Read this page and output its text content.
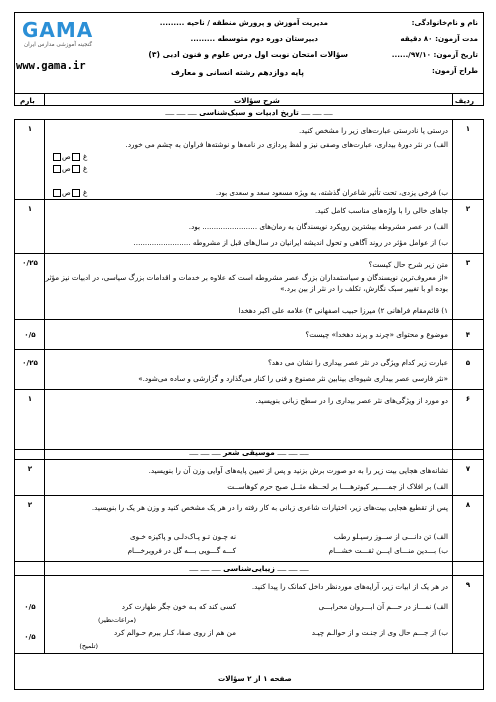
GAMA
گنجینه آموزشی مدارس ایران
www.gama.ir
نام و نام‌خانوادگی:
مدت آزمون: ۸۰ دقیقه
تاریخ آزمون: ۹۷/۱۰/......
طراح آزمون:
مدیریت آموزش و پرورش منطقه / ناحیه .........
دبیرستان دوره دوم متوسطه .........
سؤالات امتحان نوبت اول درس علوم و فنون ادبی (۳)
پایه دوازدهم رشته انسانی و معارف
ردیف
شرح سؤالات
بارم
ــــ ــــ ــــ تاریخ ادبیات و سبک‌شناسی ــــ ــــ ــــ
۱
۱	درستی یا نادرستی عبارت‌های زیر را مشخص کنید.
الف) در نثر دورهٔ بیداری، عبارت‌های وصفی نیز و لفظ پردازی در نامه‌ها و نوشته‌ها فراوان به چشم می خورد.
غ ص
غ ص
غ ص	ب) فرخی یزدی، تحت تأثیر شاعران گذشته، به ویژه مسعود سعد و سعدی بود.
۲
۱	جاهای خالی را با واژه‌های مناسب کامل کنید.
الف) در عصر مشروطه بیشترین رویکرد نویسندگان به رمان‌های ........................ بود.
ب) از عوامل مؤثر در روند آگاهی و تحول اندیشه ایرانیان در سال‌های قبل از مشروطه .........................
۳
۰/۲۵	متن زیر شرح حال کیست؟
«از معروف‌ترین نویسندگان و سیاستمداران بزرگ عصر مشروطه است که علاوه بر خدمات و اقدامات بزرگ سیاسی، در ادبیات نیز مؤثر بوده او با تغییر سبک نگارش، تکلف را در نثر از بین برد.»
۱) قائم‌مقام فراهانی ۲) میرزا حبیب اصفهانی ۳) علامه علی اکبر دهخدا
۴
۰/۵	موضوع و محتوای «چرند و پرند دهخدا» چیست؟
۵
۰/۲۵	عبارت زیر کدام ویژگی در نثر عصر بیداری را نشان می دهد؟
«نثر فارسی عصر بیداری شیوه‌ای بینابین نثر مصنوع و فنی را کنار می‌گذارد و گزارشی و ساده می‌شود.»
۶
۱	دو مورد از ویژگی‌های نثر عصر بیداری را در سطح زبانی بنویسید.
ــــ ــــ ــــ موسیقی شعر ــــ ــــ ــــ
۷
۲	نشانه‌های هجایی بیت زیر را به دو صورت برش بزنید و پس از تعیین پایه‌های آوایی وزن آن را بنویسید.
الف) بر افلاک از جمـــــیر کبوترهــــا بر لحــظه مثــل صبح حرم کوهاســت
۸
۲	پس از تقطیع هجایی بیت‌های زیر، اختیارات شاعری زبانی به کار رفته را در هر یک مشخص کنید و وزن هر یک را بنویسید.
الف) تن دانـــی از ســوز رسیـلو رطب
نه چـون تـو پـاک‌دلـی و پاکیزه خـوی
ب) بـــدین منـــای ایـــن ثقـــت خشـــام
کـــه گـــویی بـــه گل در فروبرخـــام
ــــ ــــ ــــ زیبایی‌شناسی ــــ ــــ ــــ
۹
۰/۵
۰/۵
در هر یک از ابیات زیر، آرایه‌های موردنظر داخل کمانک را پیدا کنید.
الف) نمـــاز در حـــم آن ابـــروان محرابـــی
کسی کند که بـه خون جگر طهارت کرد
(مراعات‌نظیر)
ب) از جـــم حال وی از جنـت و از حوالـم چیـد
من هم از روی صفا، کـار ببرم حـوالم کرد
(تلمیح)
صفحه ۱ از ۲ سؤالات
